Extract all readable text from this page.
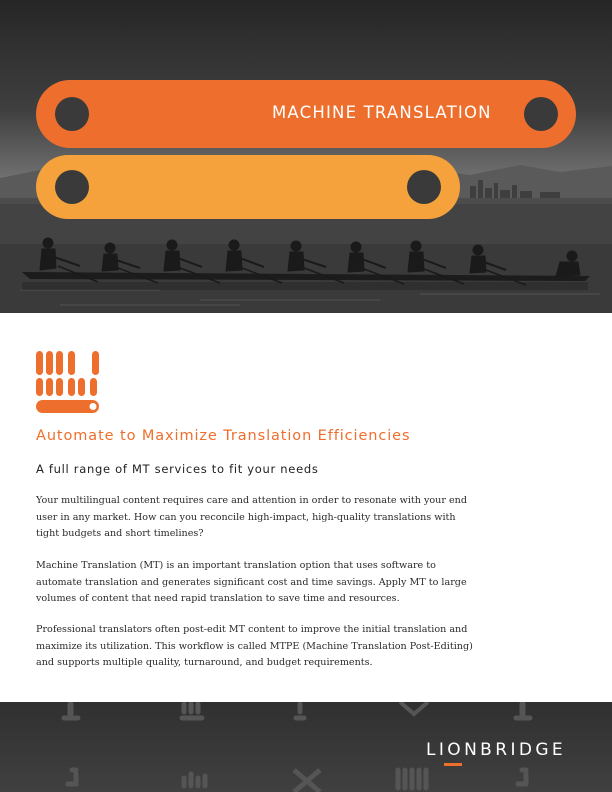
MACHINE TRANSLATION
Automate to Maximize Translation Efficiencies
A full range of MT services to fit your needs

Your multilingual content requires care and attention in order to resonate with your end user in any market. How can you reconcile high-impact, high-quality translations with tight budgets and short timelines?

Machine Translation (MT) is an important translation option that uses software to automate translation and generates significant cost and time savings. Apply MT to large volumes of content that need rapid translation to save time and resources.

Professional translators often post-edit MT content to improve the initial translation and maximize its utilization. This workflow is called MTPE (Machine Translation Post-Editing) and supports multiple quality, turnaround, and budget requirements.

LIONBRIDGE
